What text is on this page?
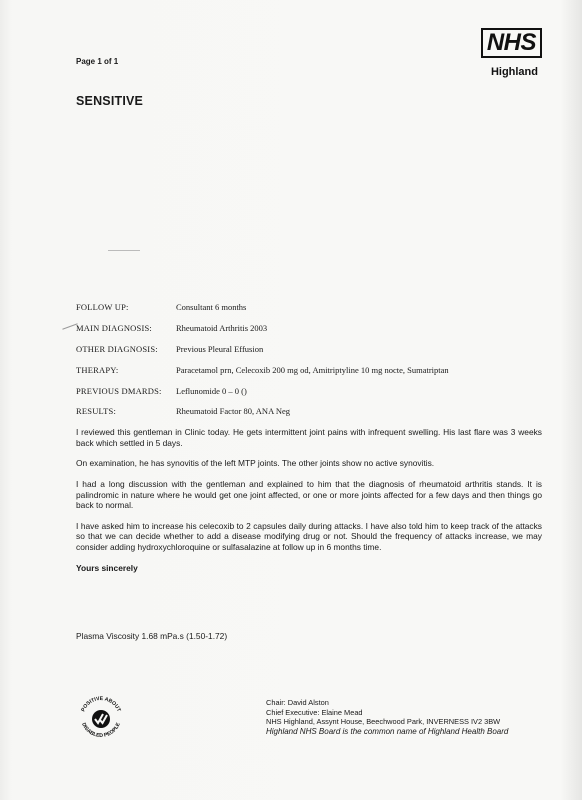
Page 1 of 1
SENSITIVE
NHS
Highland
FOLLOW UP:	Consultant 6 months
MAIN DIAGNOSIS:	Rheumatoid Arthritis 2003
OTHER DIAGNOSIS:	Previous Pleural Effusion
THERAPY:	Paracetamol prn, Celecoxib 200 mg od, Amitriptyline 10 mg nocte, Sumatriptan
PREVIOUS DMARDS:	Leflunomide 0 – 0 ()
RESULTS:	Rheumatoid Factor 80, ANA Neg

I reviewed this gentleman in Clinic today. He gets intermittent joint pains with infrequent swelling. His last flare was 3 weeks back which settled in 5 days.

On examination, he has synovitis of the left MTP joints. The other joints show no active synovitis.

I had a long discussion with the gentleman and explained to him that the diagnosis of rheumatoid arthritis stands. It is palindromic in nature where he would get one joint affected, or one or more joints affected for a few days and then things go back to normal.

I have asked him to increase his celecoxib to 2 capsules daily during attacks. I have also told him to keep track of the attacks so that we can decide whether to add a disease modifying drug or not. Should the frequency of attacks increase, we may consider adding hydroxychloroquine or sulfasalazine at follow up in 6 months time.

Yours sincerely
Plasma Viscosity 1.68 mPa.s (1.50-1.72)
POSITIVE ABOUT
DISABLED PEOPLE
Chair: David Alston
Chief Executive: Elaine Mead
NHS Highland, Assynt House, Beechwood Park, INVERNESS IV2 3BW
Highland NHS Board is the common name of Highland Health Board
